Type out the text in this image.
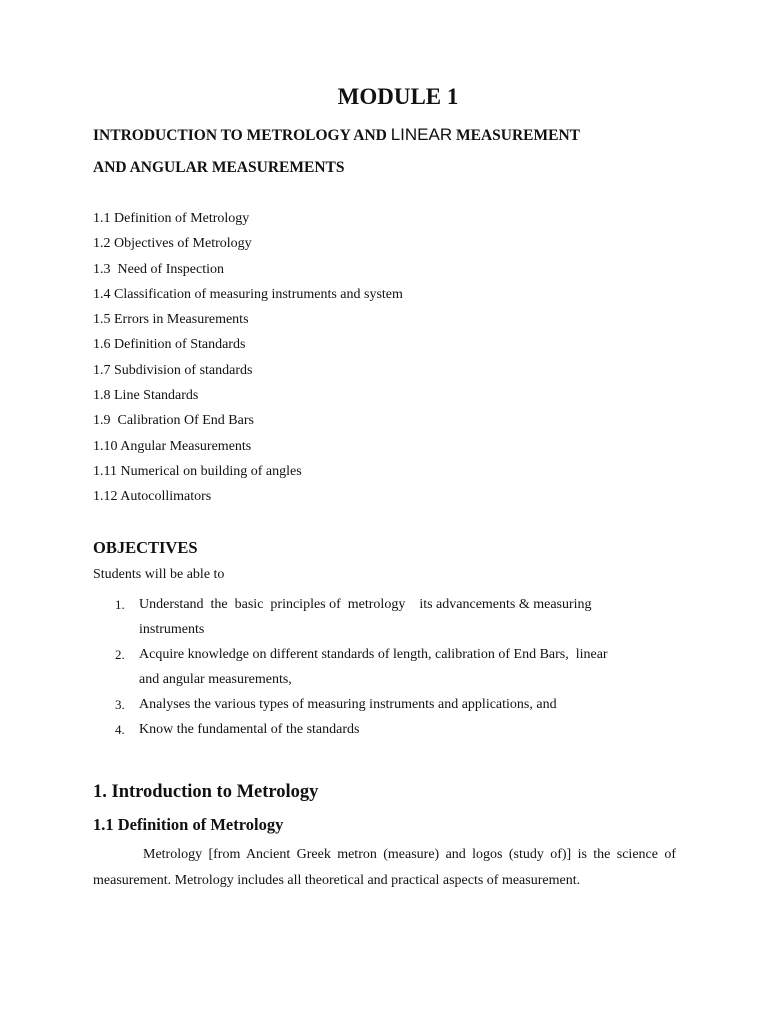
MODULE 1
INTRODUCTION TO METROLOGY AND LINEAR MEASUREMENT
AND ANGULAR MEASUREMENTS
1.1 Definition of Metrology
1.2 Objectives of Metrology
1.3  Need of Inspection
1.4 Classification of measuring instruments and system
1.5 Errors in Measurements
1.6 Definition of Standards
1.7 Subdivision of standards
1.8 Line Standards
1.9  Calibration Of End Bars
1.10 Angular Measurements
1.11 Numerical on building of angles
1.12 Autocollimators
OBJECTIVES
Students will be able to
1. Understand  the  basic  principles of  metrology    its advancements & measuring
instruments
2. Acquire knowledge on different standards of length, calibration of End Bars,  linear
and angular measurements,
3. Analyses the various types of measuring instruments and applications, and
4. Know the fundamental of the standards
1. Introduction to Metrology
1.1 Definition of Metrology

Metrology [from Ancient Greek metron (measure) and logos (study of)] is the science of measurement. Metrology includes all theoretical and practical aspects of measurement.
